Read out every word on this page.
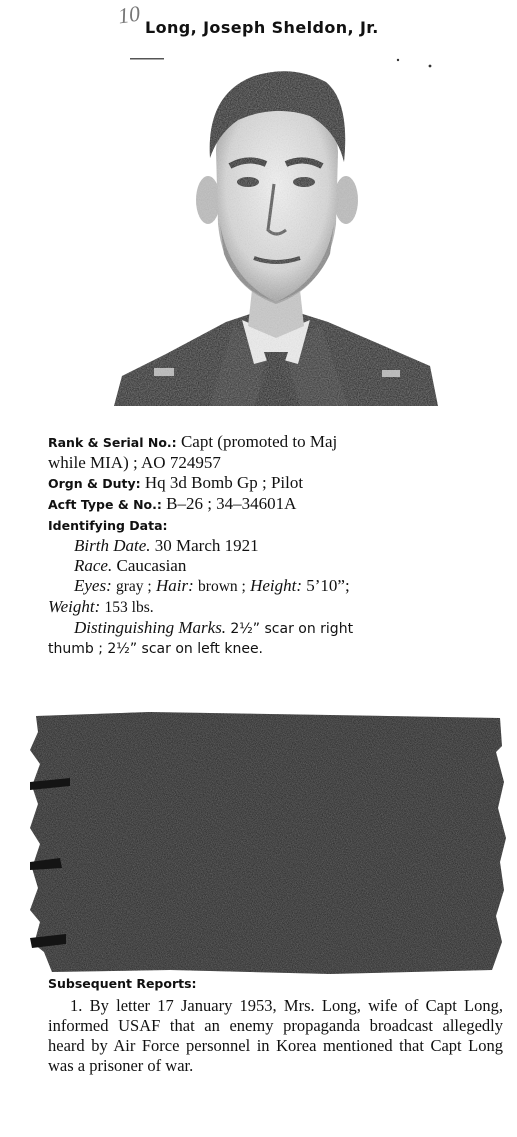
10 Long, Joseph Sheldon, Jr.
Rank & Serial No.: Capt (promoted to Maj
while MIA) ; AO 724957
Orgn & Duty: Hq 3d Bomb Gp ; Pilot
Acft Type & No.: B–26 ; 34–34601A
Identifying Data:
Birth Date. 30 March 1921
Race. Caucasian
Eyes: gray ; Hair: brown ; Height: 5’10”;
Weight: 153 lbs.
Distinguishing Marks. 2½” scar on right
thumb ; 2½” scar on left knee.
Subsequent Reports:

1. By letter 17 January 1953, Mrs. Long, wife of Capt Long, informed USAF that an enemy propaganda broadcast allegedly heard by Air Force personnel in Korea mentioned that Capt Long was a prisoner of war.
